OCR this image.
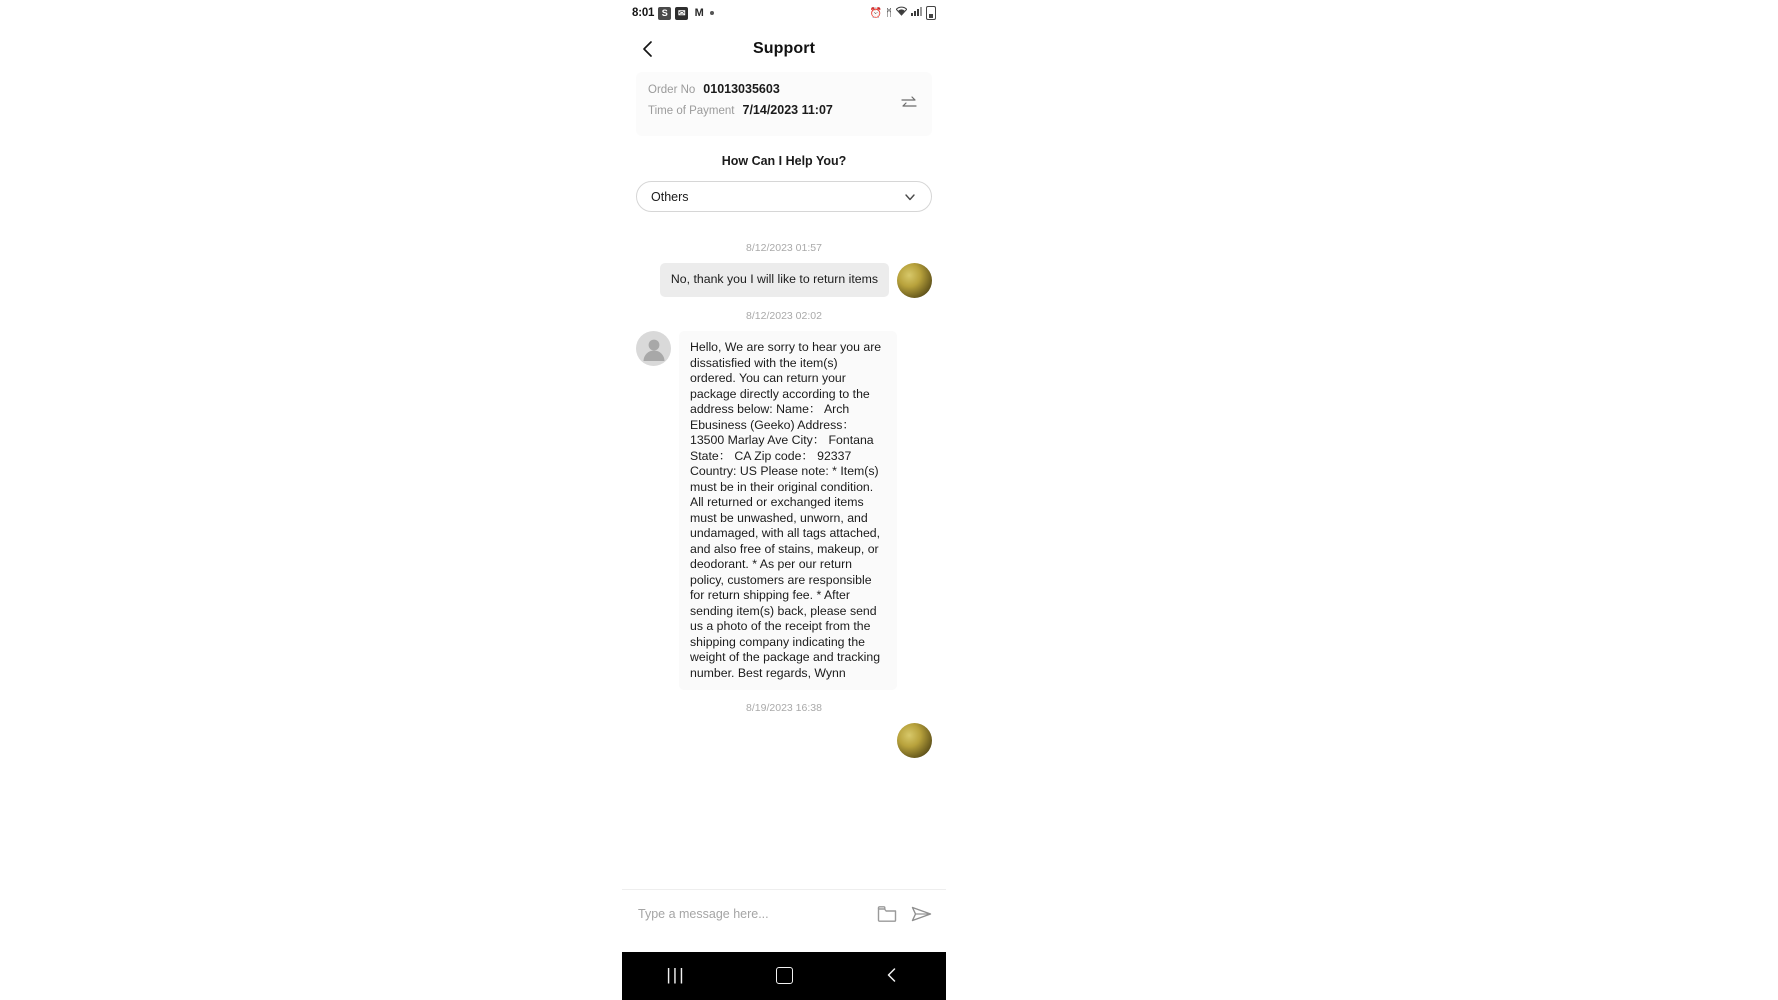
8:01 S	✉ M	⏰ ᛗ
Support
Order No 01013035603
Time of Payment 7/14/2023 11:07
How Can I Help You?
Others
8/12/2023 01:57
No, thank you I will like to return items
8/12/2023 02:02
Hello, We are sorry to hear you are dissatisfied with the item(s) ordered. You can return your package directly according to the address below: Name： Arch Ebusiness (Geeko) Address： 13500 Marlay Ave City： Fontana State： CA Zip code： 92337 Country: US Please note: * Item(s) must be in their original condition. All returned or exchanged items must be unwashed, unworn, and undamaged, with all tags attached, and also free of stains, makeup, or deodorant. * As per our return policy, customers are responsible for return shipping fee. * After sending item(s) back, please send us a photo of the receipt from the shipping company indicating the weight of the package and tracking number. Best regards, Wynn
8/19/2023 16:38
Type a message here...
|||
